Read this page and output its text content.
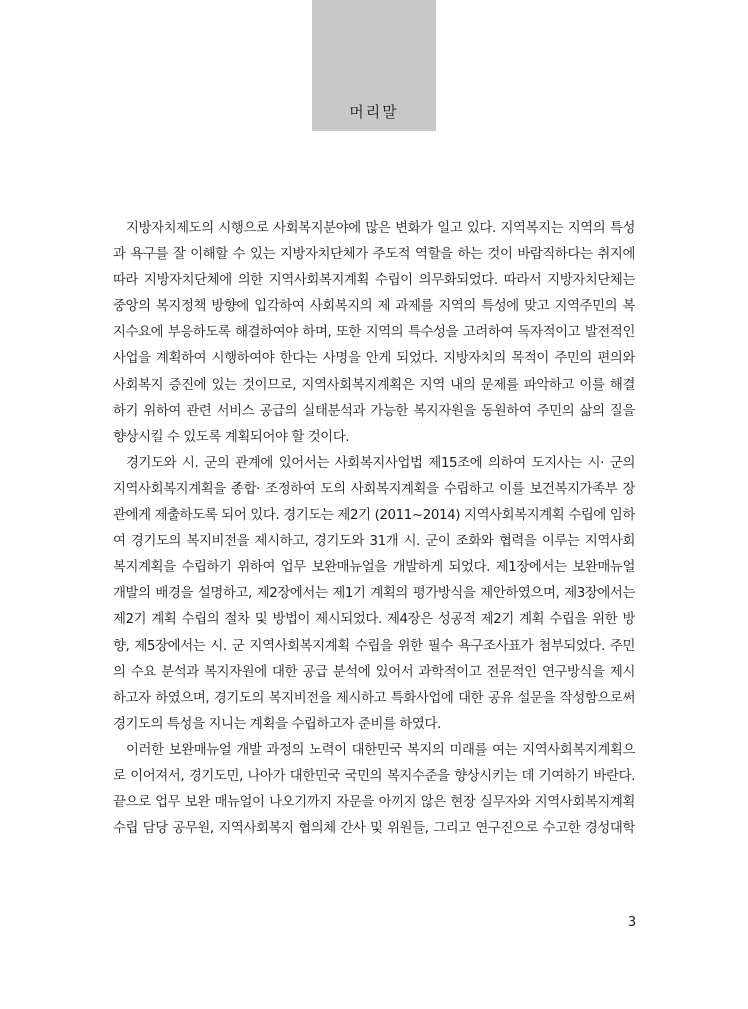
머리말
지방자치제도의 시행으로 사회복지분야에 많은 변화가 일고 있다. 지역복지는 지역의 특성
과 욕구를 잘 이해할 수 있는 지방자치단체가 주도적 역할을 하는 것이 바람직하다는 취지에
따라 지방자치단체에 의한 지역사회복지계획 수립이 의무화되었다. 따라서 지방자치단체는
중앙의 복지정책 방향에 입각하여 사회복지의 제 과제를 지역의 특성에 맞고 지역주민의 복
지수요에 부응하도록 해결하여야 하며, 또한 지역의 특수성을 고려하여 독자적이고 발전적인
사업을 계획하여 시행하여야 한다는 사명을 안게 되었다. 지방자치의 목적이 주민의 편의와
사회복지 증진에 있는 것이므로, 지역사회복지계획은 지역 내의 문제를 파악하고 이를 해결
하기 위하여 관련 서비스 공급의 실태분석과 가능한 복지자원을 동원하여 주민의 삶의 질을
향상시킬 수 있도록 계획되어야 할 것이다.
경기도와 시. 군의 관계에 있어서는 사회복지사업법 제15조에 의하여 도지사는 시· 군의
지역사회복지계획을 종합· 조정하여 도의 사회복지계획을 수립하고 이를 보건복지가족부 장
관에게 제출하도록 되어 있다. 경기도는 제2기 (2011~2014) 지역사회복지계획 수립에 임하
여 경기도의 복지비전을 제시하고, 경기도와 31개 시. 군이 조화와 협력을 이루는 지역사회
복지계획을 수립하기 위하여 업무 보완매뉴얼을 개발하게 되었다. 제1장에서는 보완매뉴얼
개발의 배경을 설명하고, 제2장에서는 제1기 계획의 평가방식을 제안하였으며, 제3장에서는
제2기 계획 수립의 절차 및 방법이 제시되었다. 제4장은 성공적 제2기 계획 수립을 위한 방
향, 제5장에서는 시. 군 지역사회복지계획 수립을 위한 필수 욕구조사표가 첨부되었다. 주민
의 수요 분석과 복지자원에 대한 공급 분석에 있어서 과학적이고 전문적인 연구방식을 제시
하고자 하였으며, 경기도의 복지비전을 제시하고 특화사업에 대한 공유 설문을 작성함으로써
경기도의 특성을 지니는 계획을 수립하고자 준비를 하였다.
이러한 보완매뉴얼 개발 과정의 노력이 대한민국 복지의 미래를 여는 지역사회복지계획으
로 이어져서, 경기도민, 나아가 대한민국 국민의 복지수준을 향상시키는 데 기여하기 바란다.
끝으로 업무 보완 매뉴얼이 나오기까지 자문을 아끼지 않은 현장 실무자와 지역사회복지계획
수립 담당 공무원, 지역사회복지 협의체 간사 및 위원들, 그리고 연구진으로 수고한 경성대학
3
